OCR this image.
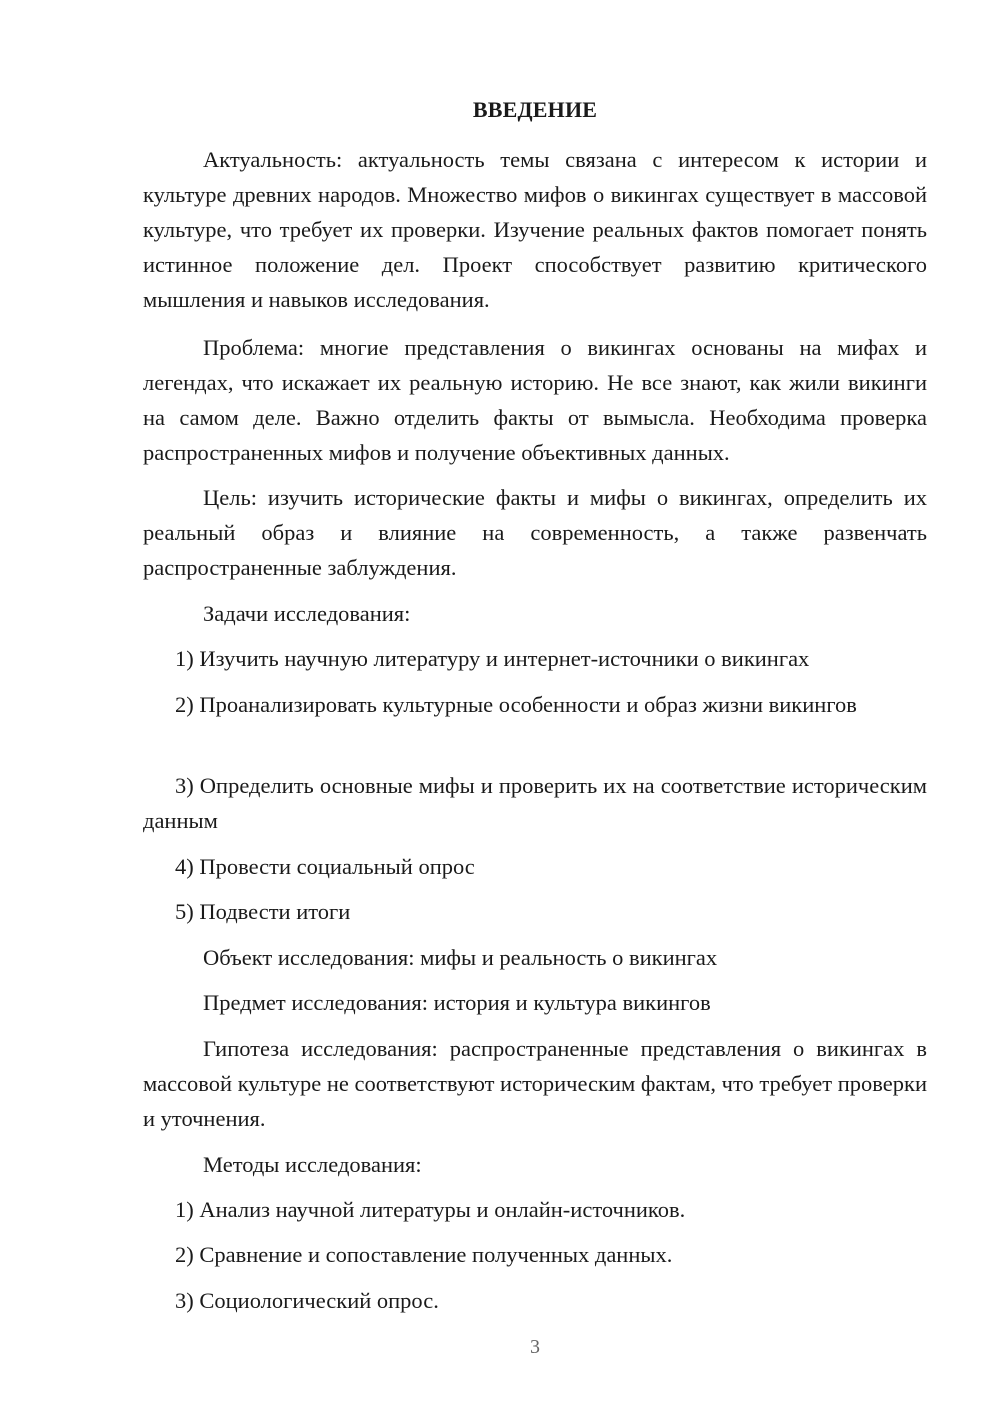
ВВЕДЕНИЕ

Актуальность: актуальность темы связана с интересом к истории и культуре древних народов. Множество мифов о викингах существует в массовой культуре, что требует их проверки. Изучение реальных фактов помогает понять истинное положение дел. Проект способствует развитию критического мышления и навыков исследования.

Проблема: многие представления о викингах основаны на мифах и легендах, что искажает их реальную историю. Не все знают, как жили викинги на самом деле. Важно отделить факты от вымысла. Необходима проверка распространенных мифов и получение объективных данных.

Цель: изучить исторические факты и мифы о викингах, определить их реальный образ и влияние на современность, а также развенчать распространенные заблуждения.

Задачи исследования:

1) Изучить научную литературу и интернет-источники о викингах

2) Проанализировать культурные особенности и образ жизни викингов

3) Определить основные мифы и проверить их на соответствие историческим данным

4) Провести социальный опрос

5) Подвести итоги

Объект исследования: мифы и реальность о викингах

Предмет исследования: история и культура викингов

Гипотеза исследования: распространенные представления о викингах в массовой культуре не соответствуют историческим фактам, что требует проверки и уточнения.

Методы исследования:

1) Анализ научной литературы и онлайн-источников.

2) Сравнение и сопоставление полученных данных.

3) Социологический опрос.

3
